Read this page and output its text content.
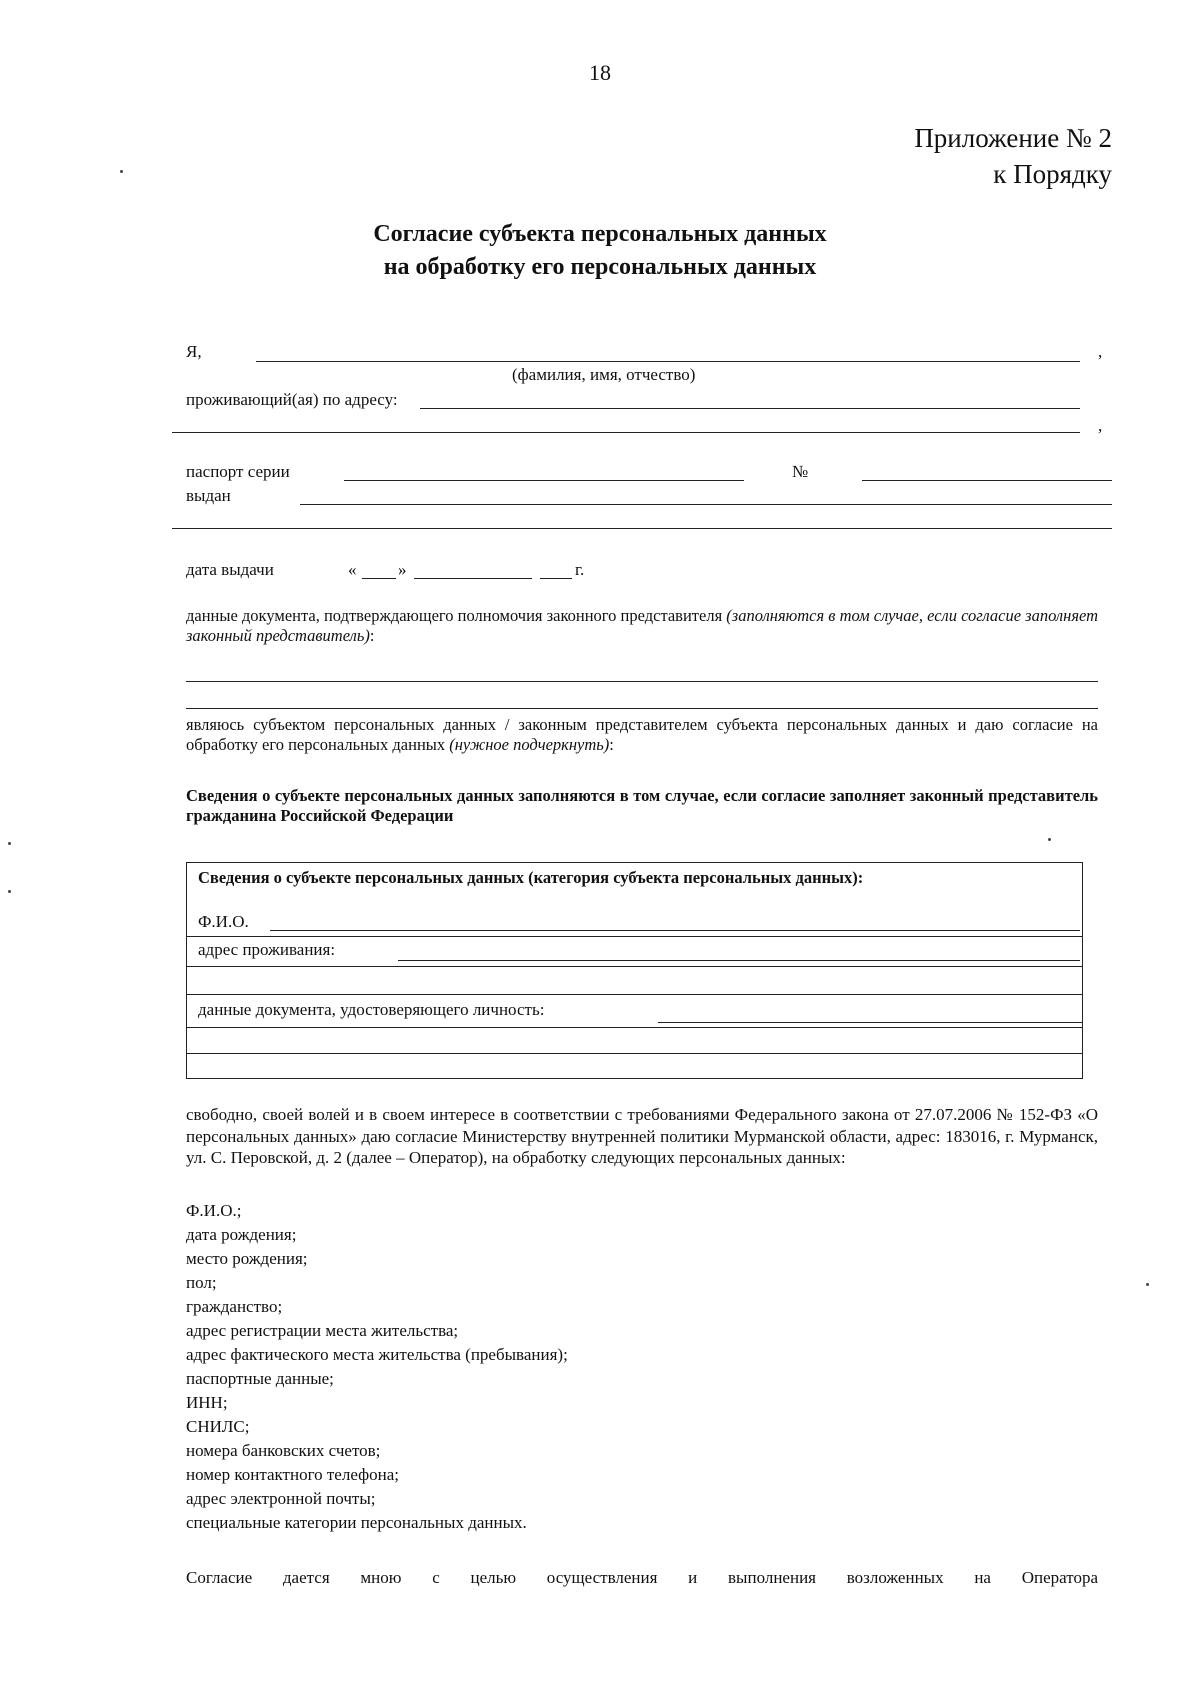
18
Приложение № 2
к Порядку
Согласие субъекта персональных данных
на обработку его персональных данных
Я,	,
(фамилия, имя, отчество)
проживающий(ая) по адресу:
,
паспорт серии	№
выдан
дата выдачи	« »	г.
данные документа, подтверждающего полномочия законного представителя (заполняются в том случае, если согласие заполняет законный представитель):
являюсь субъектом персональных данных / законным представителем субъекта персональных данных и даю согласие на обработку его персональных данных (нужное подчеркнуть):
Сведения о субъекте персональных данных заполняются в том случае, если согласие заполняет законный представитель гражданина Российской Федерации
Сведения о субъекте персональных данных (категория субъекта персональных данных):
Ф.И.О.
адрес проживания:
данные документа, удостоверяющего личность:
свободно, своей волей и в своем интересе в соответствии с требованиями Федерального закона от 27.07.2006 № 152-ФЗ «О персональных данных» даю согласие Министерству внутренней политики Мурманской области, адрес: 183016, г. Мурманск, ул. С. Перовской, д. 2 (далее – Оператор), на обработку следующих персональных данных:
Ф.И.О.;
дата рождения;
место рождения;
пол;
гражданство;
адрес регистрации места жительства;
адрес фактического места жительства (пребывания);
паспортные данные;
ИНН;
СНИЛС;
номера банковских счетов;
номер контактного телефона;
адрес электронной почты;
специальные категории персональных данных.
Согласие дается мною с целью осуществления и выполнения возложенных на Оператора
